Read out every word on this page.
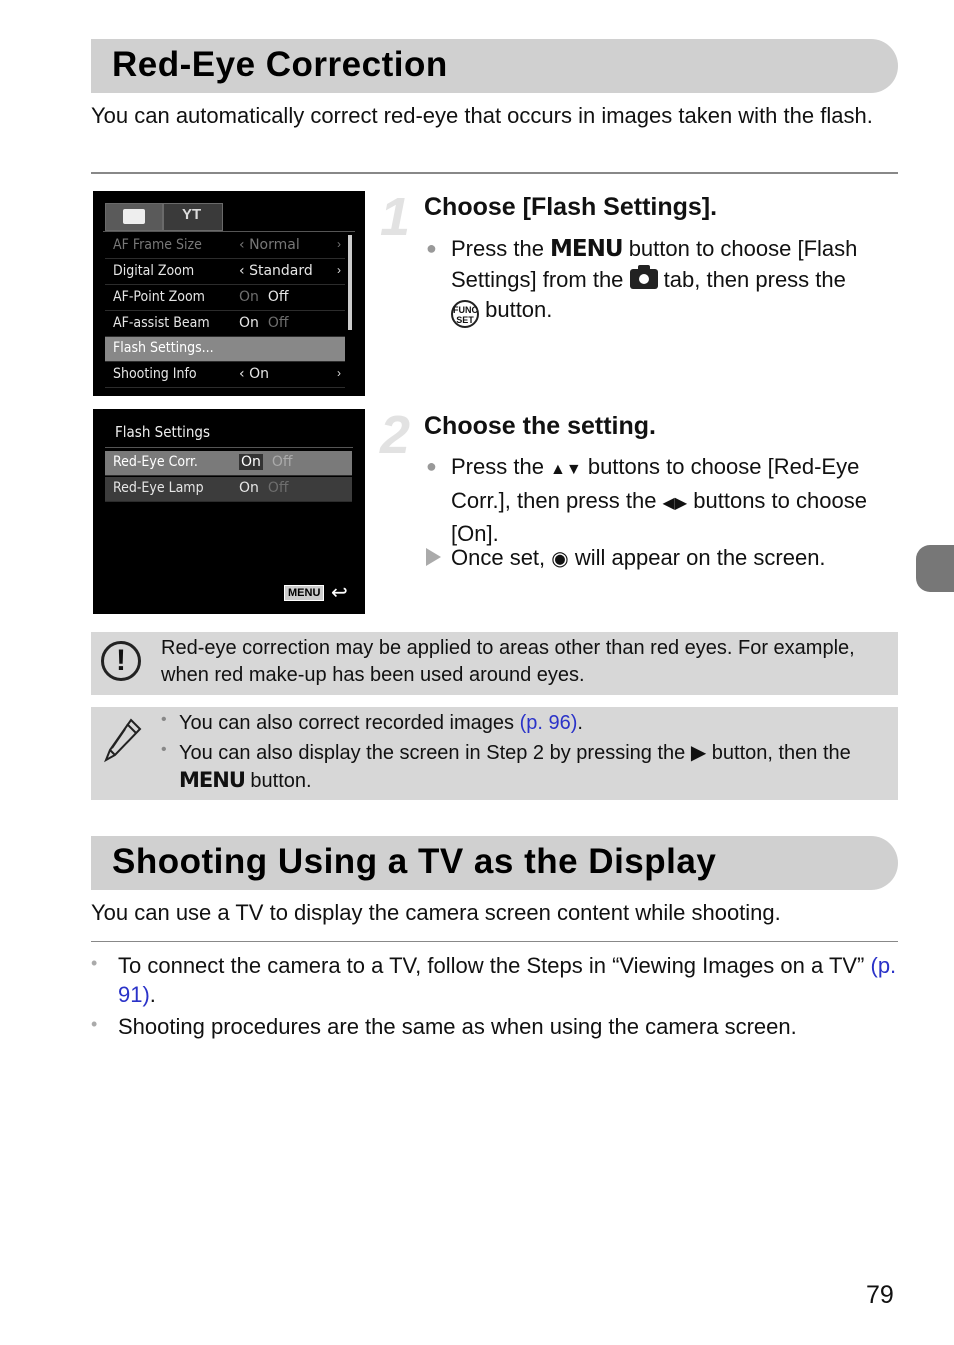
Red-Eye Correction
You can automatically correct red-eye that occurs in images taken with the flash.
YT
AF Frame Size	‹ Normal	›
Digital Zoom	‹ Standard ›
AF-Point Zoom On Off
AF-assist Beam On Off
Flash Settings...
Shooting Info	‹ On	›
1 Choose [Flash Settings].
● Press the MENU button to choose [Flash Settings] from the  tab, then press the
FUNC SET button.
Flash Settings
Red-Eye Corr.	On Off
Red-Eye Lamp	On Off
MENU ↩
2 Choose the setting.
● Press the ▲▼ buttons to choose [Red-Eye Corr.], then press the ◀▶ buttons to choose [On].
Once set, ◉ will appear on the screen.
!	Red-eye correction may be applied to areas other than red eyes. For example, when red make-up has been used around eyes.
• You can also correct recorded images (p. 96).
• You can also display the screen in Step 2 by pressing the ▶ button, then the MENU button.
Shooting Using a TV as the Display
You can use a TV to display the camera screen content while shooting.
• To connect the camera to a TV, follow the Steps in “Viewing Images on a TV” (p. 91).
• Shooting procedures are the same as when using the camera screen.
79
